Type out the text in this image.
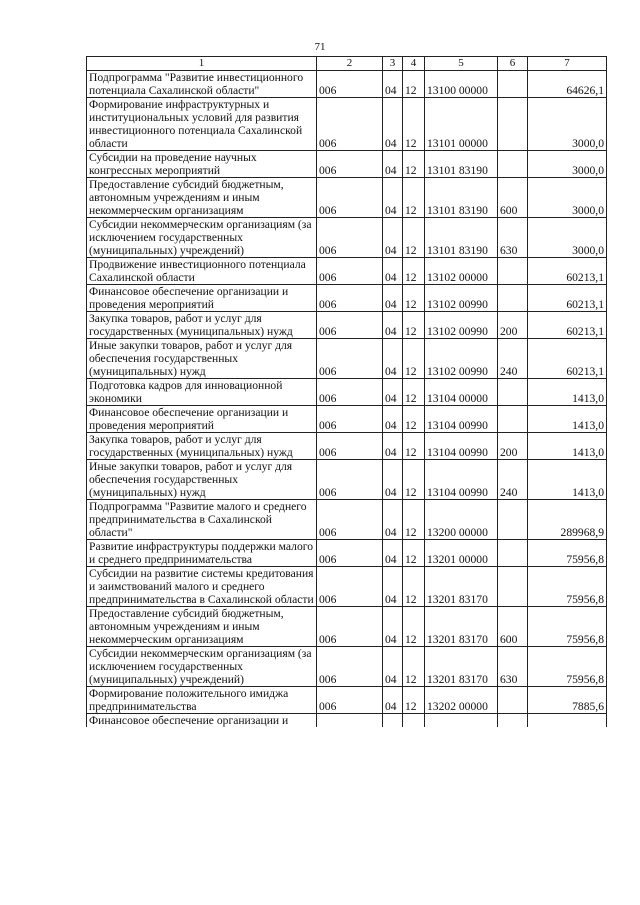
71
1	2	3	4	5	6	7
Подпрограмма "Развитие инвестиционного потенциала Сахалинской области"	006	04	12	13100 00000		64626,1
Формирование инфраструктурных и институциональных условий для развития инвестиционного потенциала Сахалинской области	006	04	12	13101 00000		3000,0
Субсидии на проведение научных конгрессных мероприятий	006	04	12	13101 83190		3000,0
Предоставление субсидий бюджетным, автономным учреждениям и иным некоммерческим организациям	006	04	12	13101 83190	600	3000,0
Субсидии некоммерческим организациям (за исключением государственных (муниципальных) учреждений)	006	04	12	13101 83190	630	3000,0
Продвижение инвестиционного потенциала Сахалинской области	006	04	12	13102 00000		60213,1
Финансовое обеспечение организации и проведения мероприятий	006	04	12	13102 00990		60213,1
Закупка товаров, работ и услуг для государственных (муниципальных) нужд	006	04	12	13102 00990	200	60213,1
Иные закупки товаров, работ и услуг для обеспечения государственных (муниципальных) нужд	006	04	12	13102 00990	240	60213,1
Подготовка кадров для инновационной экономики	006	04	12	13104 00000		1413,0
Финансовое обеспечение организации и проведения мероприятий	006	04	12	13104 00990		1413,0
Закупка товаров, работ и услуг для государственных (муниципальных) нужд	006	04	12	13104 00990	200	1413,0
Иные закупки товаров, работ и услуг для обеспечения государственных (муниципальных) нужд	006	04	12	13104 00990	240	1413,0
Подпрограмма "Развитие малого и среднего предпринимательства в Сахалинской области"	006	04	12	13200 00000		289968,9
Развитие инфраструктуры поддержки малого и среднего предпринимательства	006	04	12	13201 00000		75956,8
Субсидии на развитие системы кредитования и заимствований малого и среднего предпринимательства в Сахалинской области	006	04	12	13201 83170		75956,8
Предоставление субсидий бюджетным, автономным учреждениям и иным некоммерческим организациям	006	04	12	13201 83170	600	75956,8
Субсидии некоммерческим организациям (за исключением государственных (муниципальных) учреждений)	006	04	12	13201 83170	630	75956,8
Формирование положительного имиджа предпринимательства	006	04	12	13202 00000		7885,6
Финансовое обеспечение организации и						
